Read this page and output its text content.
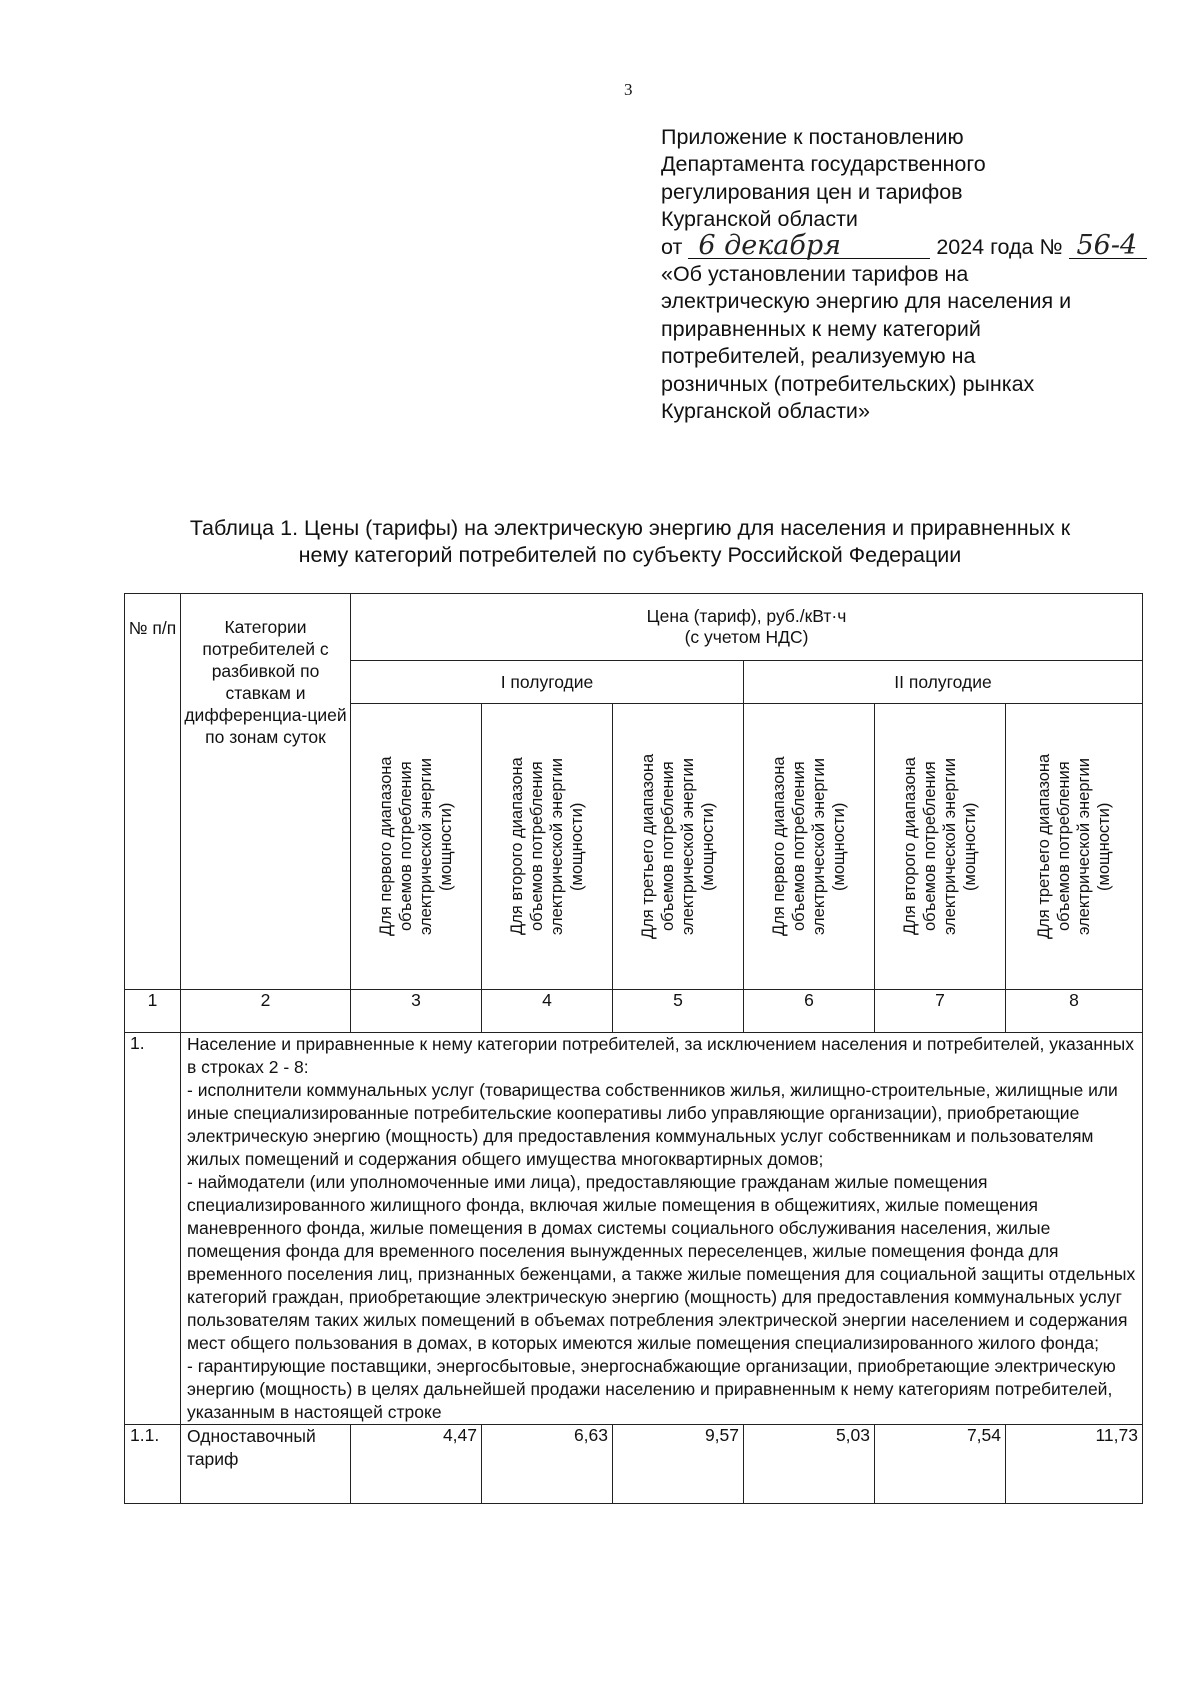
3
Приложение к постановлению
Департамента государственного
регулирования цен и тарифов
Курганской области
от 6 декабря	2024 года № 56-4
«Об установлении тарифов на
электрическую энергию для населения и
приравненных к нему категорий
потребителей, реализуемую на
розничных (потребительских) рынках
Курганской области»
Таблица 1. Цены (тарифы) на электрическую энергию для населения и приравненных к
нему категорий потребителей по субъекту Российской Федерации
№ п/п	Категории потребителей с разбивкой по ставкам и дифференциа-цией по зонам суток	Цена (тариф), руб./кВт·ч
(с учетом НДС)					

		I полугодие			II полугодие		

		Для первого диапазона объемов потребления электрической энергии (мощности)	Для второго диапазона объемов потребления электрической энергии (мощности)	Для третьего диапазона объемов потребления электрической энергии (мощности)	Для первого диапазона объемов потребления электрической энергии (мощности)	Для второго диапазона объемов потребления электрической энергии (мощности)	Для третьего диапазона объемов потребления электрической энергии (мощности)

1	2	3	4	5	6	7	8
1.	Население и приравненные к нему категории потребителей, за исключением населения и потребителей, указанных в строках 2 - 8:
- исполнители коммунальных услуг (товарищества собственников жилья, жилищно-строительные, жилищные или иные специализированные потребительские кооперативы либо управляющие организации), приобретающие электрическую энергию (мощность) для предоставления коммунальных услуг собственникам и пользователям жилых помещений и содержания общего имущества многоквартирных домов;
- наймодатели (или уполномоченные ими лица), предоставляющие гражданам жилые помещения специализированного жилищного фонда, включая жилые помещения в общежитиях, жилые помещения маневренного фонда, жилые помещения в домах системы социального обслуживания населения, жилые помещения фонда для временного поселения вынужденных переселенцев, жилые помещения фонда для временного поселения лиц, признанных беженцами, а также жилые помещения для социальной защиты отдельных категорий граждан, приобретающие электрическую энергию (мощность) для предоставления коммунальных услуг пользователям таких жилых помещений в объемах потребления электрической энергии населением и содержания мест общего пользования в домах, в которых имеются жилые помещения специализированного жилого фонда;
- гарантирующие поставщики, энергосбытовые, энергоснабжающие организации, приобретающие электрическую энергию (мощность) в целях дальнейшей продажи населению и приравненным к нему категориям потребителей, указанным в настоящей строке						

1.1.	Одноставочный тариф	4,47	6,63	9,57	5,03	7,54	11,73
